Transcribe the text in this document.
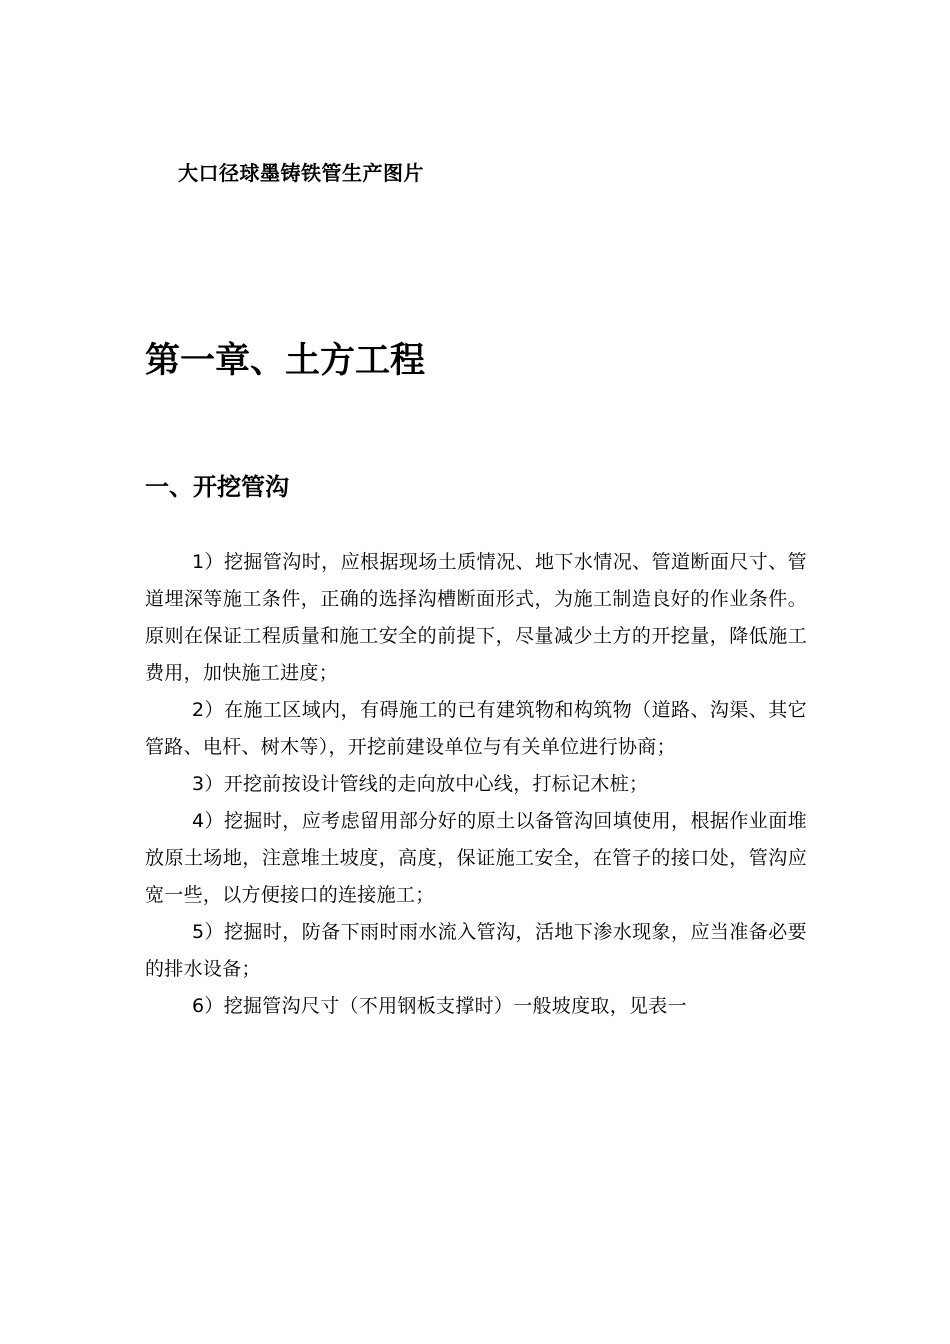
大口径球墨铸铁管生产图片
第一章、土方工程
一、开挖管沟

1）挖掘管沟时，应根据现场土质情况、地下水情况、管道断面尺寸、管道埋深等施工条件，正确的选择沟槽断面形式，为施工制造良好的作业条件。原则在保证工程质量和施工安全的前提下，尽量减少土方的开挖量，降低施工费用，加快施工进度；

2）在施工区域内，有碍施工的已有建筑物和构筑物（道路、沟渠、其它管路、电杆、树木等），开挖前建设单位与有关单位进行协商；

3）开挖前按设计管线的走向放中心线，打标记木桩；

4）挖掘时，应考虑留用部分好的原土以备管沟回填使用，根据作业面堆放原土场地，注意堆土坡度，高度，保证施工安全，在管子的接口处，管沟应宽一些，以方便接口的连接施工；

5）挖掘时，防备下雨时雨水流入管沟，活地下渗水现象，应当准备必要的排水设备；

6）挖掘管沟尺寸（不用钢板支撑时）一般坡度取，见表一
